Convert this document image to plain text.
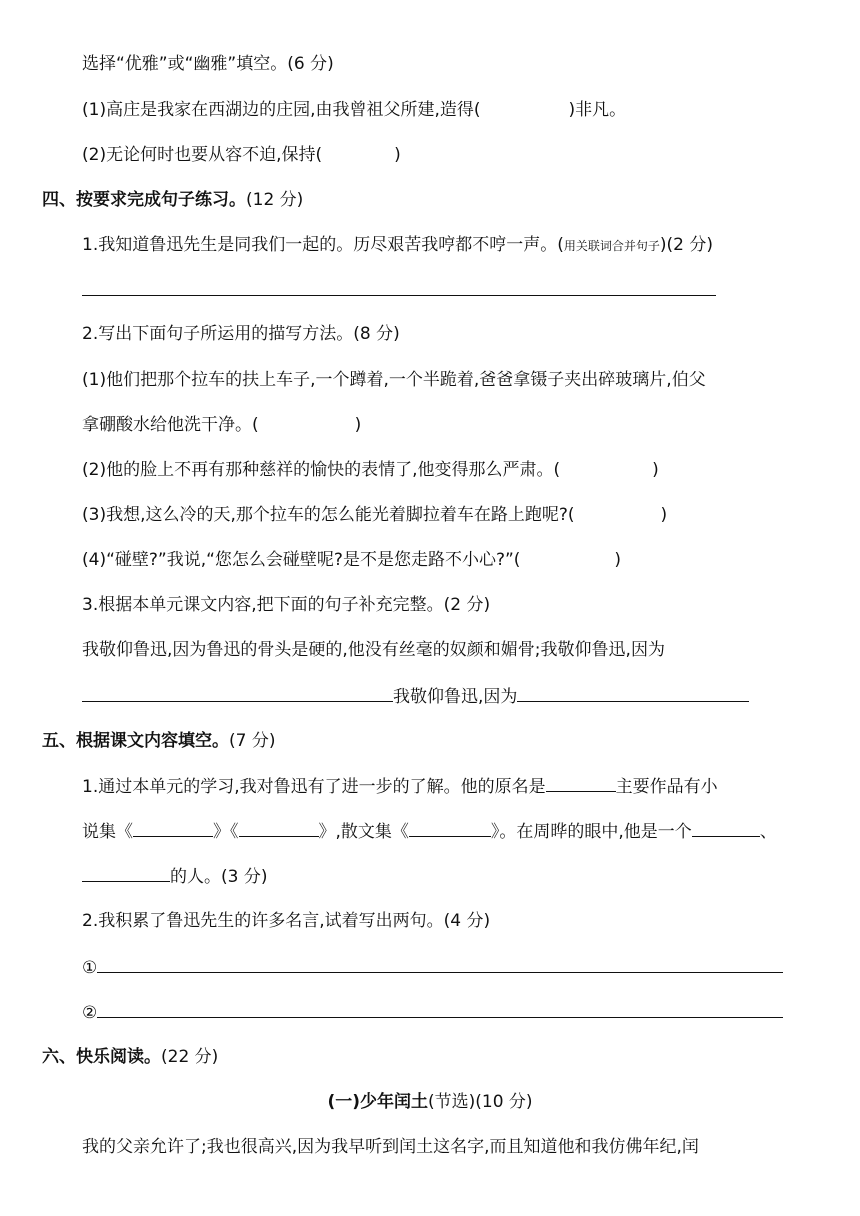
选择“优雅”或“幽雅”填空。(6 分)
(1)高庄是我家在西湖边的庄园,由我曾祖父所建,造得(	)非凡。
(2)无论何时也要从容不迫,保持(	)
四、按要求完成句子练习。(12 分)
1.我知道鲁迅先生是同我们一起的。历尽艰苦我哼都不哼一声。(用关联词合并句子)(2 分)
2.写出下面句子所运用的描写方法。(8 分)
(1)他们把那个拉车的扶上车子,一个蹲着,一个半跪着,爸爸拿镊子夹出碎玻璃片,伯父
拿硼酸水给他洗干净。(	)
(2)他的脸上不再有那种慈祥的愉快的表情了,他变得那么严肃。(	)
(3)我想,这么冷的天,那个拉车的怎么能光着脚拉着车在路上跑呢?(	)
(4)“碰壁?”我说,“您怎么会碰壁呢?是不是您走路不小心?”(	)
3.根据本单元课文内容,把下面的句子补充完整。(2 分)
我敬仰鲁迅,因为鲁迅的骨头是硬的,他没有丝毫的奴颜和媚骨;我敬仰鲁迅,因为
我敬仰鲁迅,因为
五、根据课文内容填空。(7 分)
1.通过本单元的学习,我对鲁迅有了进一步的了解。他的原名是	主要作品有小
说集《	》《	》,散文集《	》。在周晔的眼中,他是一个	、
的人。(3 分)
2.我积累了鲁迅先生的许多名言,试着写出两句。(4 分)
①
②
六、快乐阅读。(22 分)
(一)少年闰土(节选)(10 分)
我的父亲允许了;我也很高兴,因为我早听到闰土这名字,而且知道他和我仿佛年纪,闰
